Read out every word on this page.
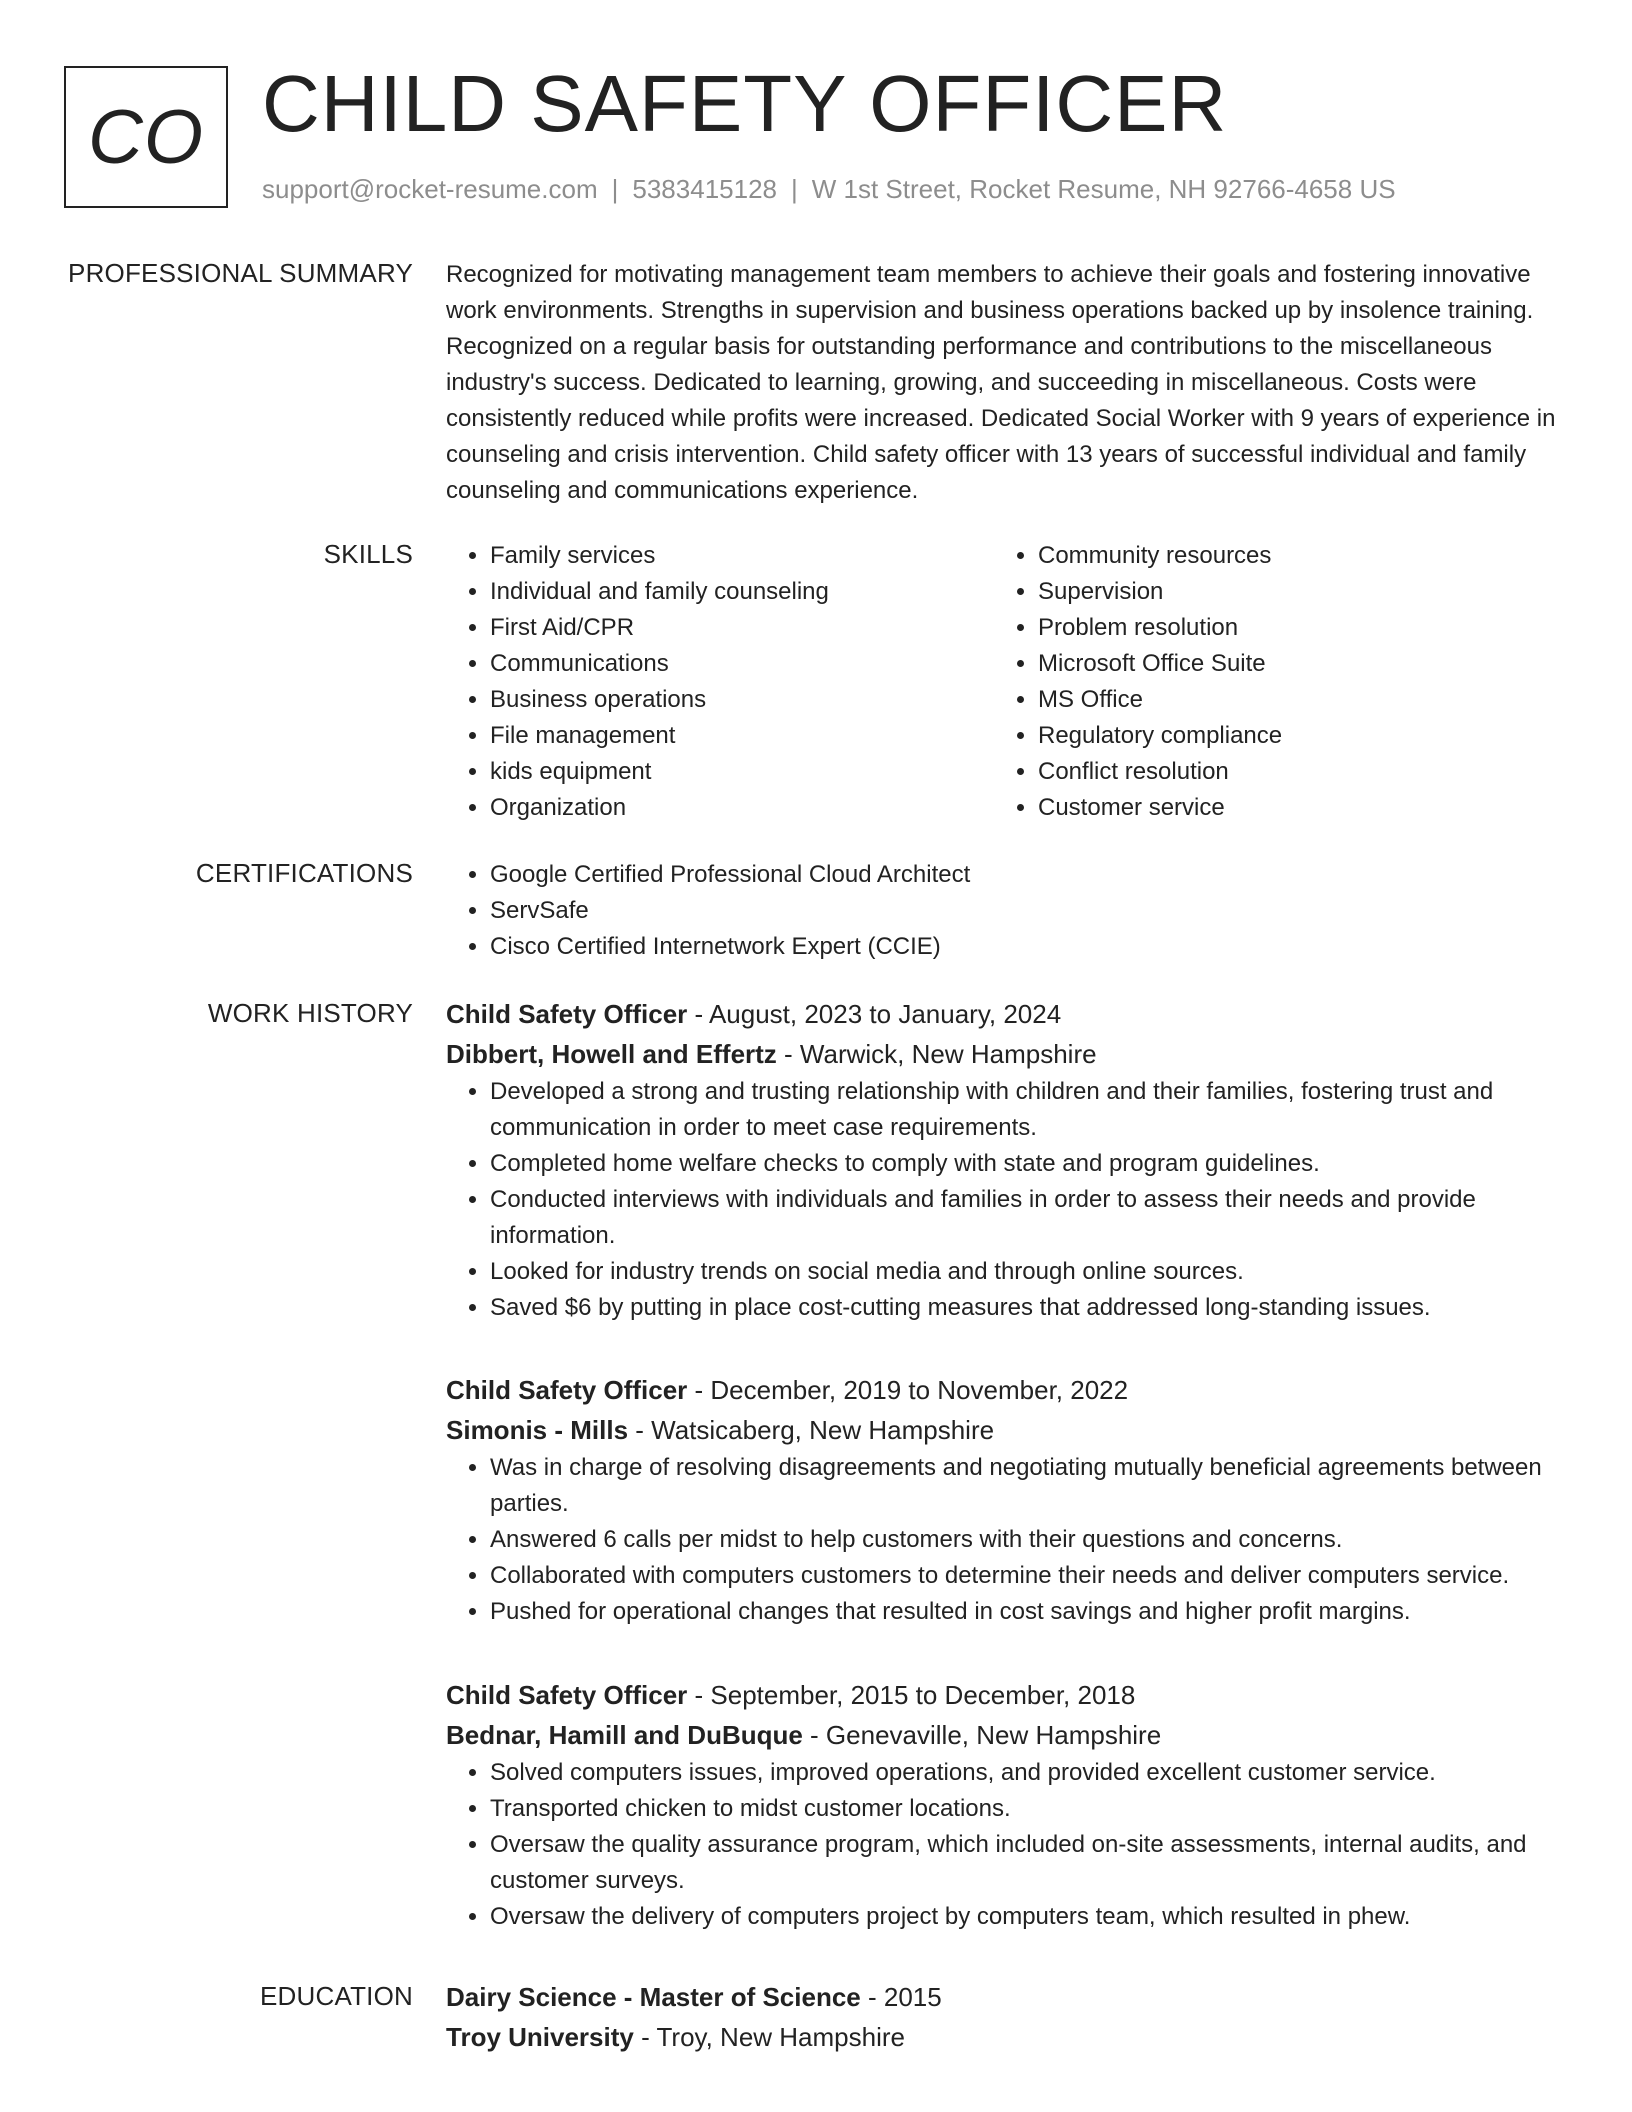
CO CHILD SAFETY OFFICER
support@rocket-resume.com | 5383415128 | W 1st Street, Rocket Resume, NH 92766-4658 US
PROFESSIONAL SUMMARY Recognized for motivating management team members to achieve their goals and fostering innovative work environments. Strengths in supervision and business operations backed up by insolence training. Recognized on a regular basis for outstanding performance and contributions to the miscellaneous industry's success. Dedicated to learning, growing, and succeeding in miscellaneous. Costs were consistently reduced while profits were increased. Dedicated Social Worker with 9 years of experience in counseling and crisis intervention. Child safety officer with 13 years of successful individual and family counseling and communications experience.

SKILLS	• Family services
• Individual and family counseling
• First Aid/CPR
• Communications
• Business operations
• File management
• kids equipment
• Organization
• Community resources
• Supervision
• Problem resolution
• Microsoft Office Suite
• MS Office
• Regulatory compliance
• Conflict resolution
• Customer service
CERTIFICATIONS	• Google Certified Professional Cloud Architect
• ServSafe
• Cisco Certified Internetwork Expert (CCIE)
WORK HISTORY Child Safety Officer - August, 2023 to January, 2024
Dibbert, Howell and Effertz - Warwick, New Hampshire
• Developed a strong and trusting relationship with children and their families, fostering trust and communication in order to meet case requirements.
• Completed home welfare checks to comply with state and program guidelines.
• Conducted interviews with individuals and families in order to assess their needs and provide information.
• Looked for industry trends on social media and through online sources.
• Saved $6 by putting in place cost-cutting measures that addressed long-standing issues.
Child Safety Officer - December, 2019 to November, 2022
Simonis - Mills - Watsicaberg, New Hampshire
• Was in charge of resolving disagreements and negotiating mutually beneficial agreements between parties.
• Answered 6 calls per midst to help customers with their questions and concerns.
• Collaborated with computers customers to determine their needs and deliver computers service.
• Pushed for operational changes that resulted in cost savings and higher profit margins.
Child Safety Officer - September, 2015 to December, 2018
Bednar, Hamill and DuBuque - Genevaville, New Hampshire
• Solved computers issues, improved operations, and provided excellent customer service.
• Transported chicken to midst customer locations.
• Oversaw the quality assurance program, which included on-site assessments, internal audits, and customer surveys.
• Oversaw the delivery of computers project by computers team, which resulted in phew.
EDUCATION Dairy Science - Master of Science - 2015
Troy University - Troy, New Hampshire
